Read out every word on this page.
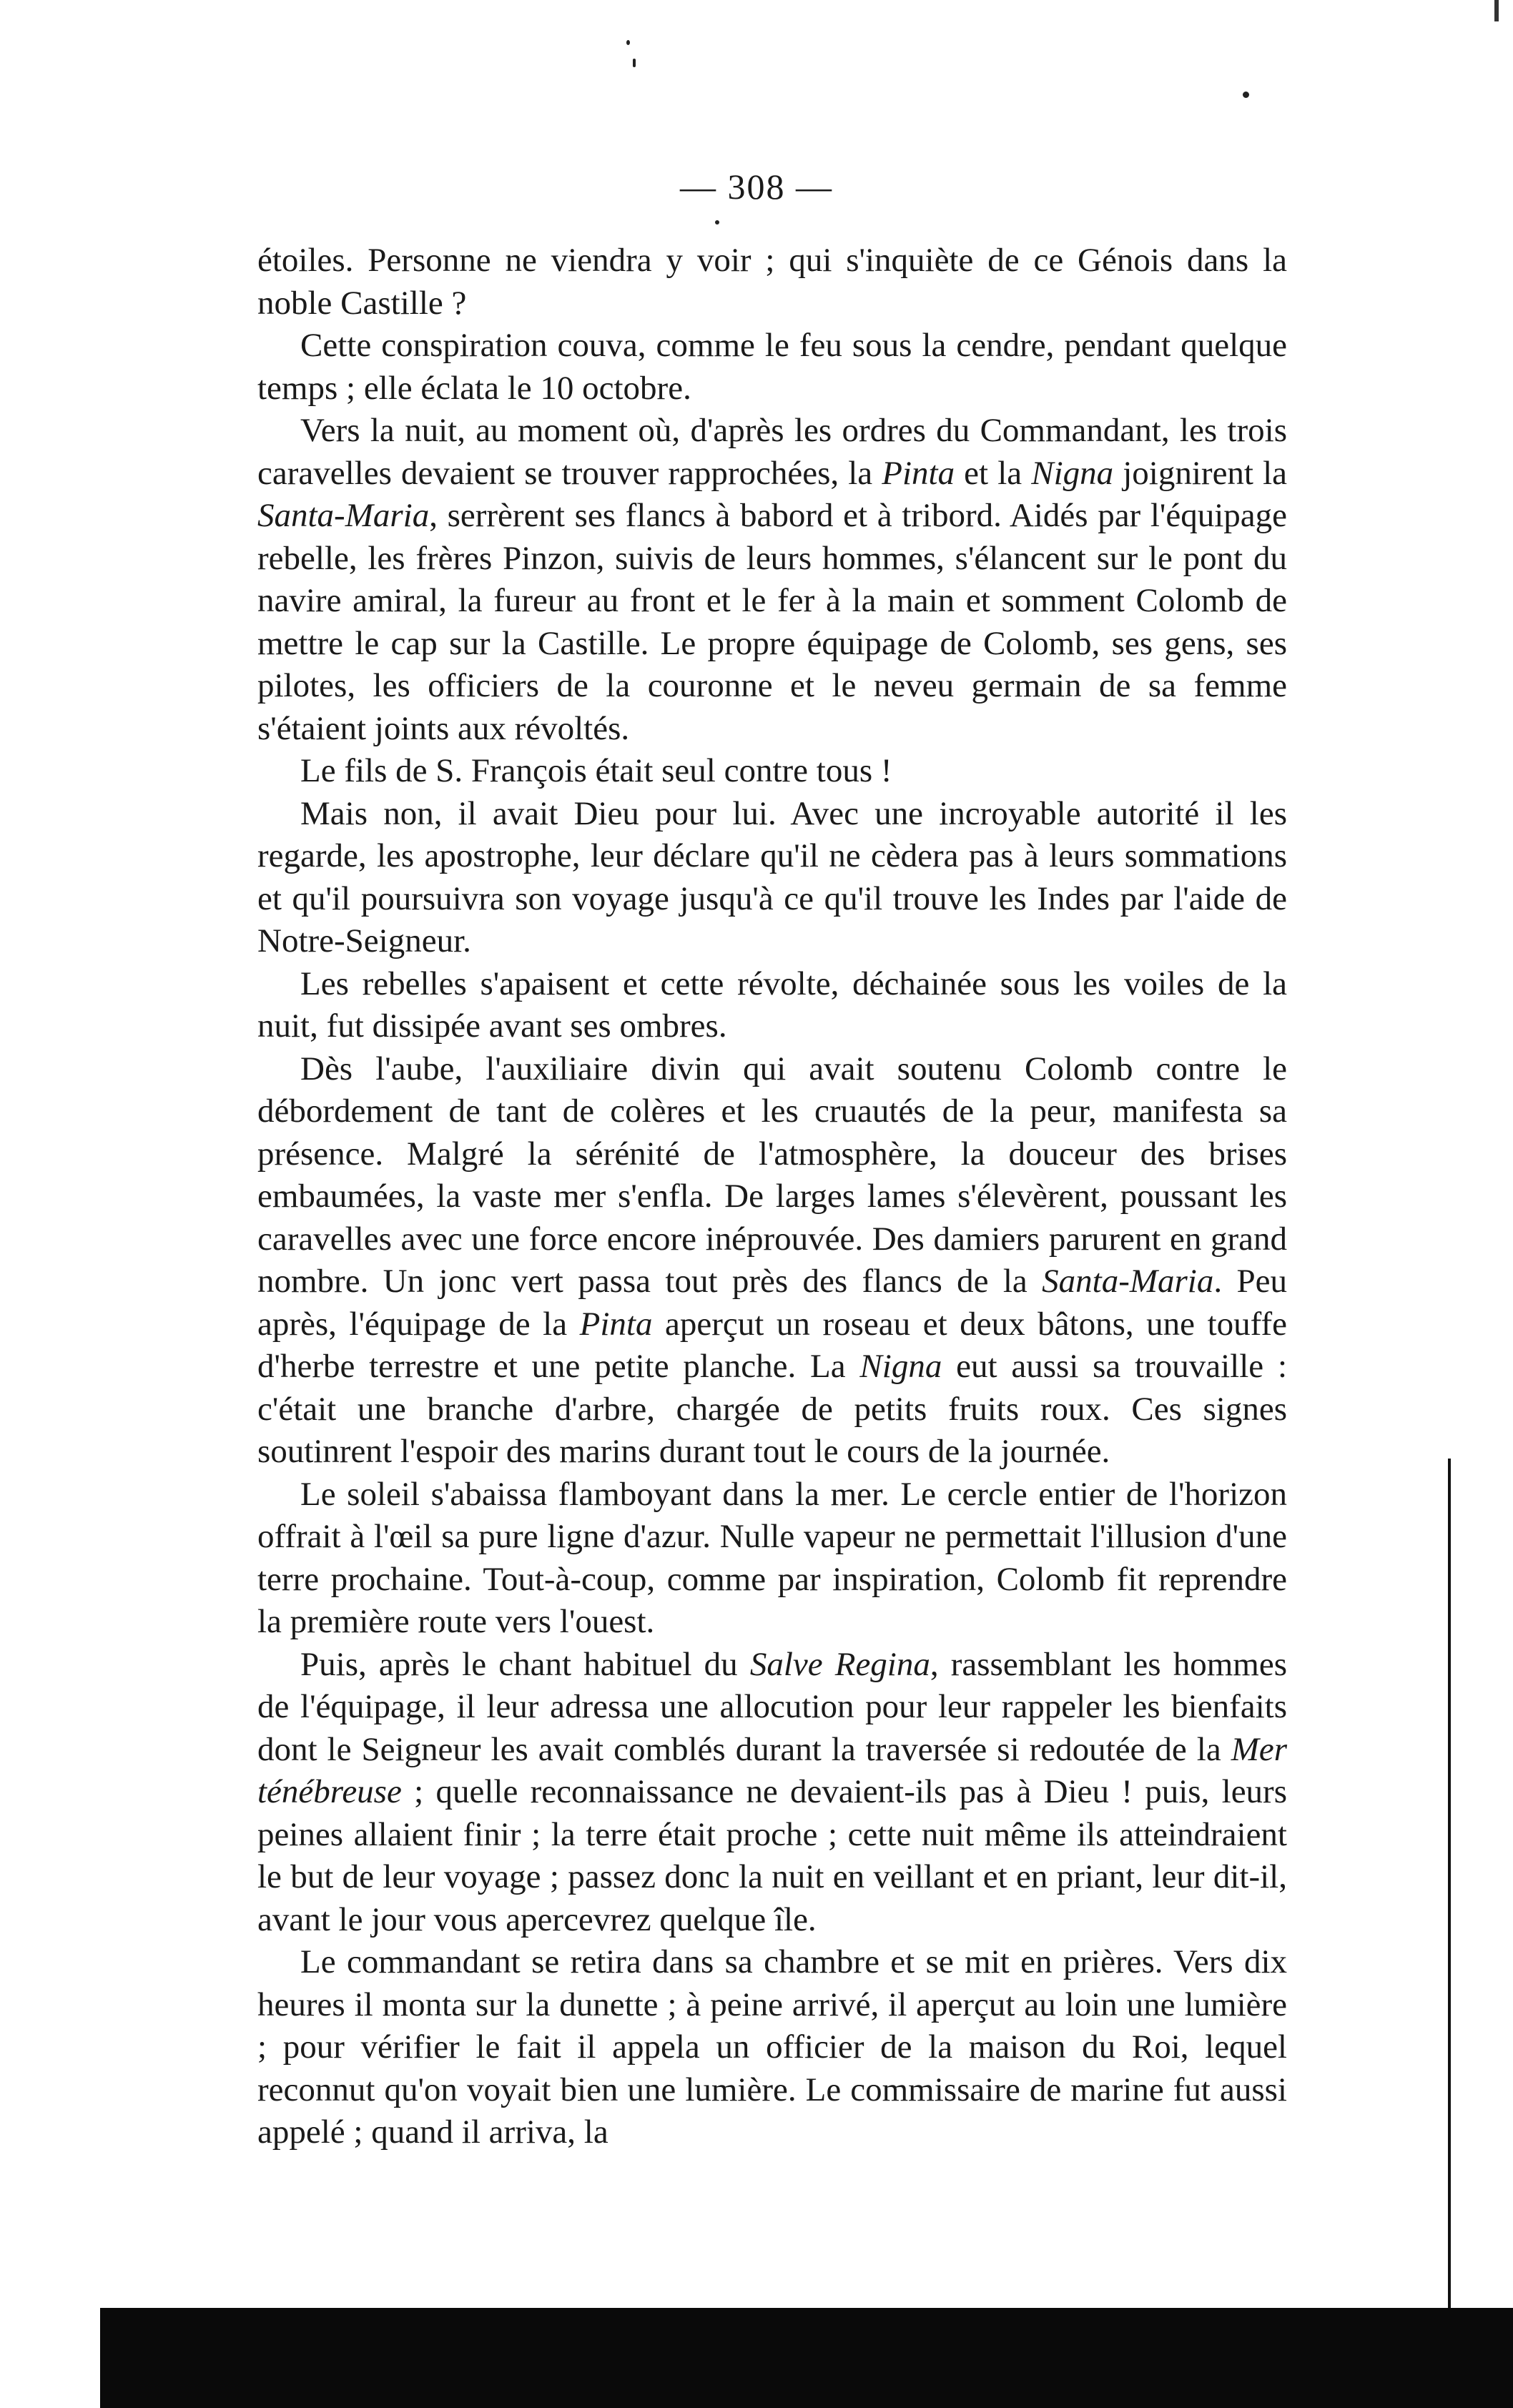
— 308 —

étoiles. Personne ne viendra y voir ; qui s'inquiète de ce Génois dans la noble Castille ?

Cette conspiration couva, comme le feu sous la cendre, pendant quelque temps ; elle éclata le 10 octobre.

Vers la nuit, au moment où, d'après les ordres du Commandant, les trois caravelles devaient se trouver rapprochées, la Pinta et la Nigna joignirent la Santa-Maria, serrèrent ses flancs à babord et à tribord. Aidés par l'équipage rebelle, les frères Pinzon, suivis de leurs hommes, s'élancent sur le pont du navire amiral, la fureur au front et le fer à la main et somment Colomb de mettre le cap sur la Castille. Le propre équipage de Colomb, ses gens, ses pilotes, les officiers de la couronne et le neveu germain de sa femme s'étaient joints aux révoltés.

Le fils de S. François était seul contre tous !

Mais non, il avait Dieu pour lui. Avec une incroyable autorité il les regarde, les apostrophe, leur déclare qu'il ne cèdera pas à leurs sommations et qu'il poursuivra son voyage jusqu'à ce qu'il trouve les Indes par l'aide de Notre-Seigneur.

Les rebelles s'apaisent et cette révolte, déchainée sous les voiles de la nuit, fut dissipée avant ses ombres.

Dès l'aube, l'auxiliaire divin qui avait soutenu Colomb contre le débordement de tant de colères et les cruautés de la peur, manifesta sa présence. Malgré la sérénité de l'atmosphère, la douceur des brises embaumées, la vaste mer s'enfla. De larges lames s'élevèrent, poussant les caravelles avec une force encore inéprouvée. Des damiers parurent en grand nombre. Un jonc vert passa tout près des flancs de la Santa-Maria. Peu après, l'équipage de la Pinta aperçut un roseau et deux bâtons, une touffe d'herbe terrestre et une petite planche. La Nigna eut aussi sa trouvaille : c'était une branche d'arbre, chargée de petits fruits roux. Ces signes soutinrent l'espoir des marins durant tout le cours de la journée.

Le soleil s'abaissa flamboyant dans la mer. Le cercle entier de l'horizon offrait à l'œil sa pure ligne d'azur. Nulle vapeur ne permettait l'illusion d'une terre prochaine. Tout-à-coup, comme par inspiration, Colomb fit reprendre la première route vers l'ouest.

Puis, après le chant habituel du Salve Regina, rassemblant les hommes de l'équipage, il leur adressa une allocution pour leur rappeler les bienfaits dont le Seigneur les avait comblés durant la traversée si redoutée de la Mer ténébreuse ; quelle reconnaissance ne devaient-ils pas à Dieu ! puis, leurs peines allaient finir ; la terre était proche ; cette nuit même ils atteindraient le but de leur voyage ; passez donc la nuit en veillant et en priant, leur dit-il, avant le jour vous apercevrez quelque île.

Le commandant se retira dans sa chambre et se mit en prières. Vers dix heures il monta sur la dunette ; à peine arrivé, il aperçut au loin une lumière ; pour vérifier le fait il appela un officier de la maison du Roi, lequel reconnut qu'on voyait bien une lumière. Le commissaire de marine fut aussi appelé ; quand il arriva, la
